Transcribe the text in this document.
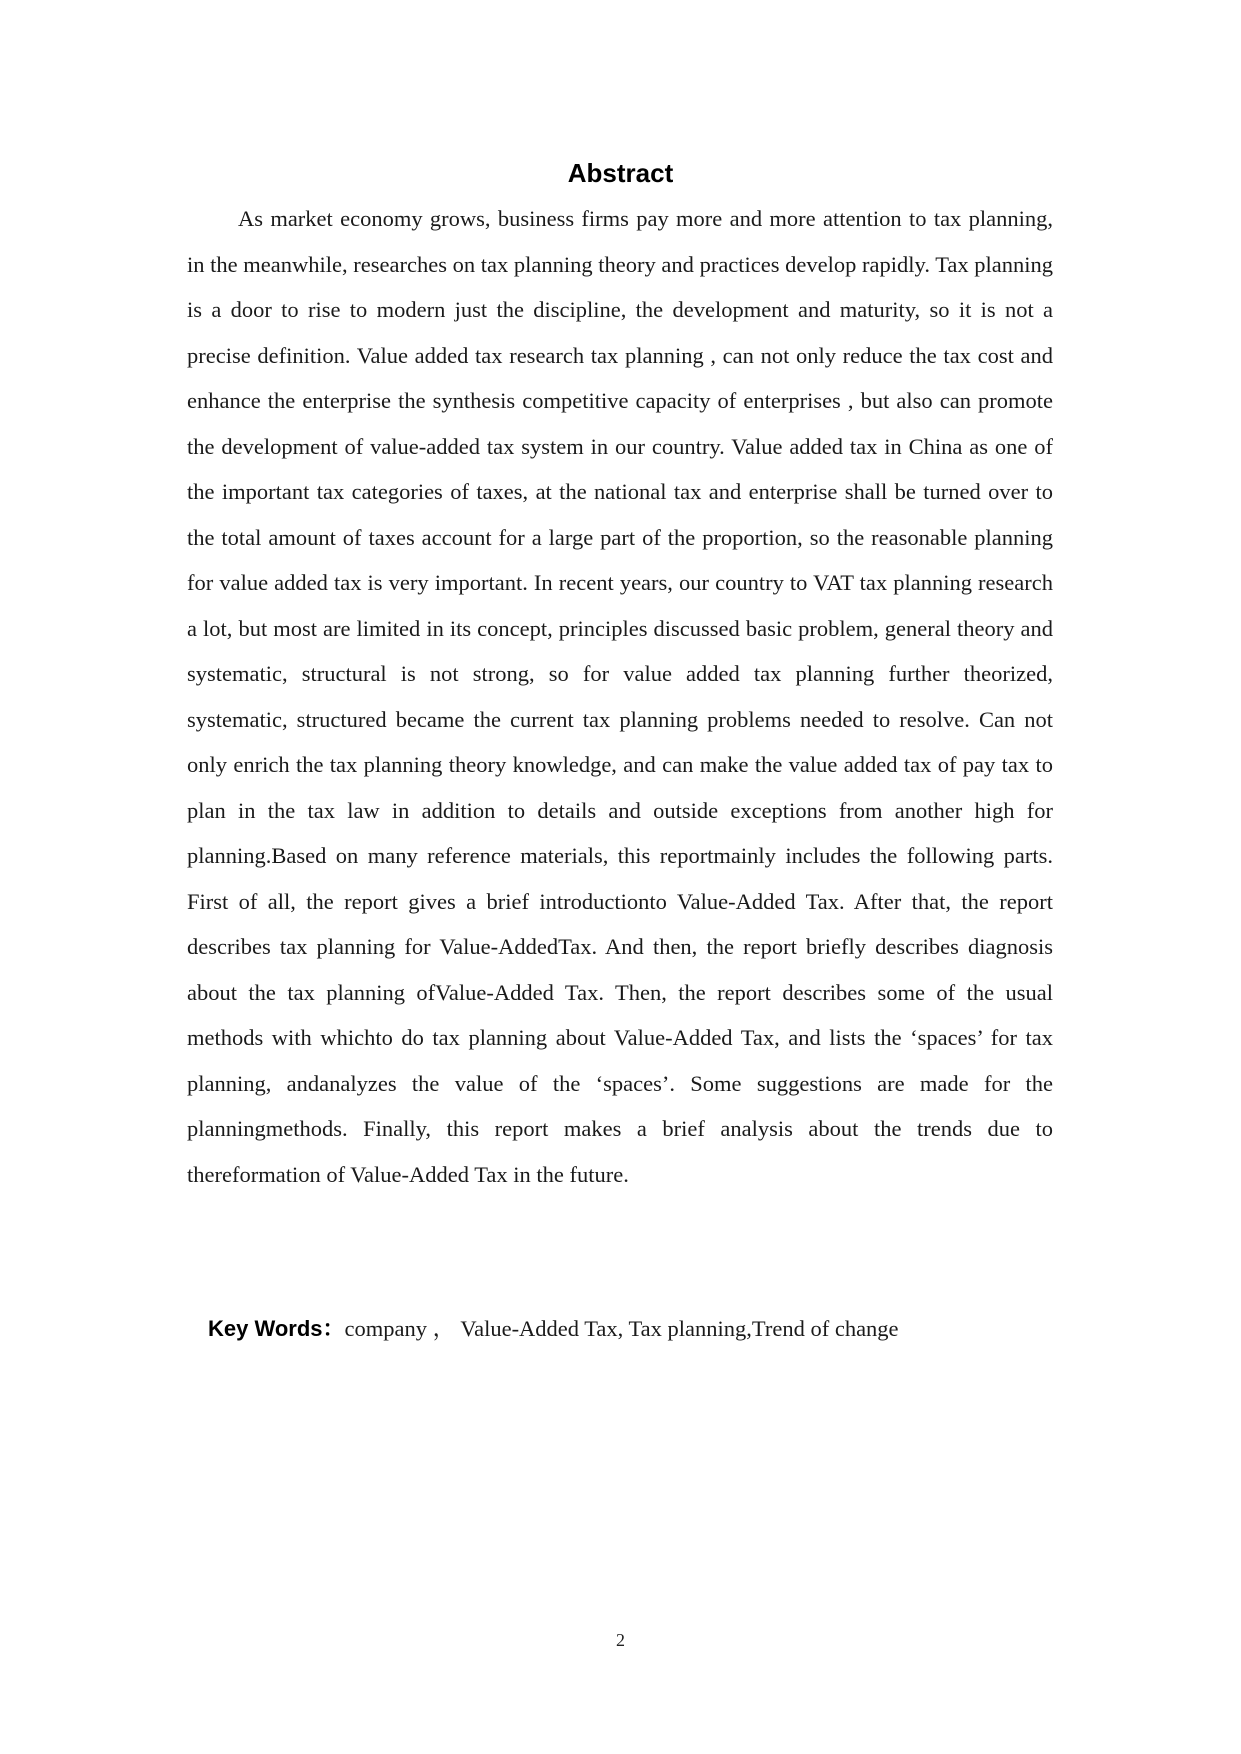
Abstract

As market economy grows, business firms pay more and more attention to tax planning, in the meanwhile, researches on tax planning theory and practices develop rapidly. Tax planning is a door to rise to modern just the discipline, the development and maturity, so it is not a precise definition. Value added tax research tax planning , can not only reduce the tax cost and enhance the enterprise the synthesis competitive capacity of enterprises , but also can promote the development of value-added tax system in our country. Value added tax in China as one of the important tax categories of taxes, at the national tax and enterprise shall be turned over to the total amount of taxes account for a large part of the proportion, so the reasonable planning for value added tax is very important. In recent years, our country to VAT tax planning research a lot, but most are limited in its concept, principles discussed basic problem, general theory and systematic, structural is not strong, so for value added tax planning further theorized, systematic, structured became the current tax planning problems needed to resolve. Can not only enrich the tax planning theory knowledge, and can make the value added tax of pay tax to plan in the tax law in addition to details and outside exceptions from another high for planning.Based on many reference materials, this reportmainly includes the following parts. First of all, the report gives a brief introductionto Value-Added Tax. After that, the report describes tax planning for Value-AddedTax. And then, the report briefly describes diagnosis about the tax planning ofValue-Added Tax. Then, the report describes some of the usual methods with whichto do tax planning about Value-Added Tax, and lists the ‘spaces’ for tax planning, andanalyzes the value of the ‘spaces’. Some suggestions are made for the planningmethods. Finally, this report makes a brief analysis about the trends due to thereformation of Value-Added Tax in the future.

Key Words：company ， Value-Added Tax, Tax planning,Trend of change

2
